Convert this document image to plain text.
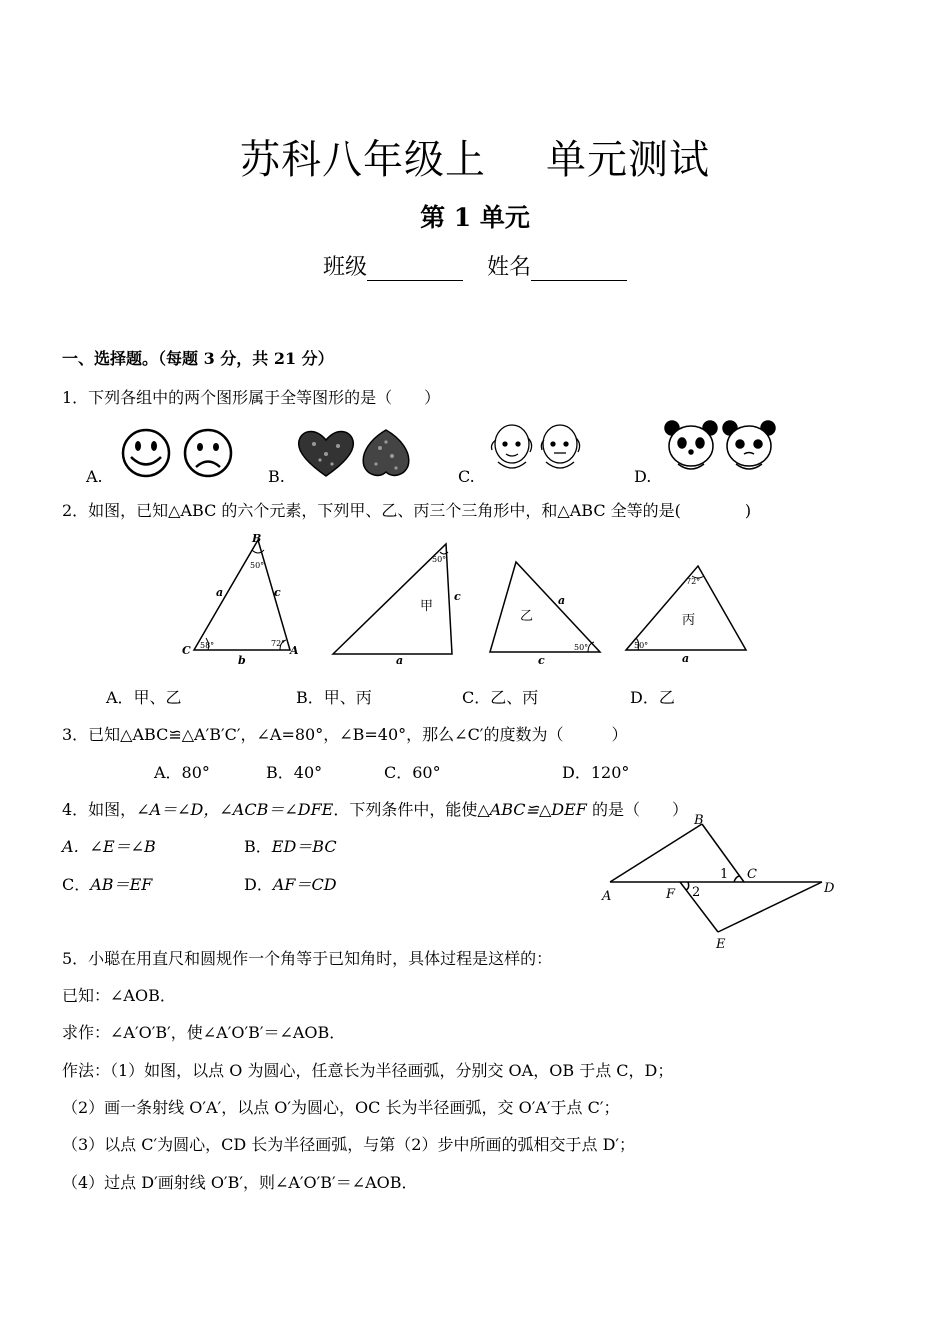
苏科八年级上 单元测试
第 1 单元
班级	姓名
一、选择题。（每题 3 分，共 21 分）
1．下列各组中的两个图形属于全等图形的是（　　）
A.	B.	C.	D.
2．如图，已知△ABC 的六个元素，下列甲、乙、丙三个三角形中，和△ABC 全等的是(　　　　)
B
C	A
a
b
c
a
c	a
c	a
50°
58°	72°
50°
50°
72°
50°
甲
乙	丙
A．甲、乙	B．甲、丙	C．乙、丙	D．乙
3．已知△ABC≌△A′B′C′，∠A=80°，∠B=40°，那么∠C′的度数为（　　　）
A．80°	B．40°	C．60°	D．120°
4．如图，∠A＝∠D，∠ACB＝∠DFE．下列条件中，能使△ABC≌△DEF 的是（　　）
A．∠E＝∠B	B．ED＝BC
C．AB＝EF	D．AF＝CD
A
B
C
D
E
F
1
2
5．小聪在用直尺和圆规作一个角等于已知角时，具体过程是这样的：
已知：∠AOB．
求作：∠A′O′B′，使∠A′O′B′＝∠AOB．
作法：（1）如图，以点 O 为圆心，任意长为半径画弧，分别交 OA，OB 于点 C，D；
（2）画一条射线 O′A′，以点 O′为圆心，OC 长为半径画弧，交 O′A′于点 C′；
（3）以点 C′为圆心，CD 长为半径画弧，与第（2）步中所画的弧相交于点 D′；
（4）过点 D′画射线 O′B′，则∠A′O′B′＝∠AOB．
